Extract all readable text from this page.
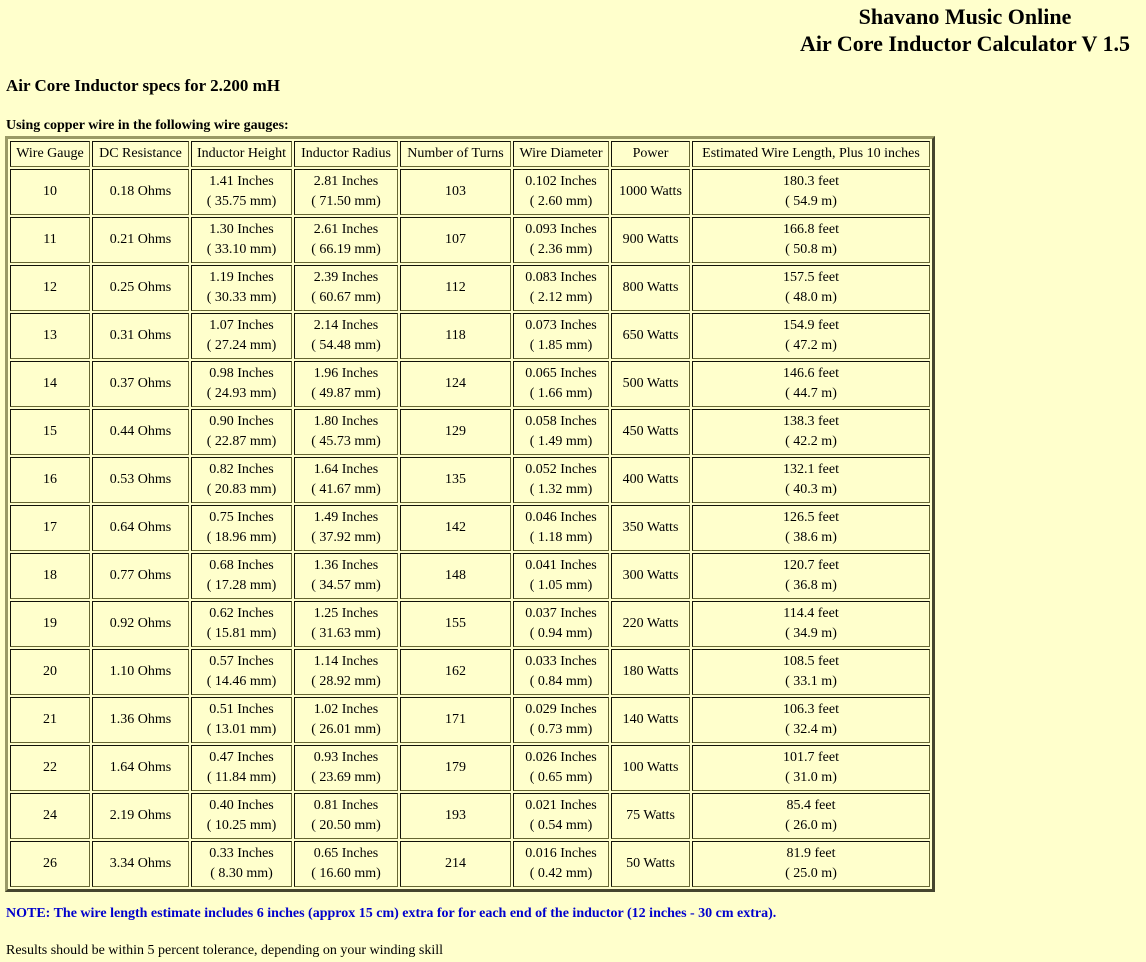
Shavano Music Online
Air Core Inductor Calculator V 1.5
Air Core Inductor specs for 2.200 mH
Using copper wire in the following wire gauges:
Wire Gauge	DC Resistance	Inductor Height	Inductor Radius	Number of Turns	Wire Diameter	Power	Estimated Wire Length, Plus 10 inches

10	0.18 Ohms	1.41 Inches
( 35.75 mm)	2.81 Inches
( 71.50 mm)	103	0.102 Inches
( 2.60 mm)	1000 Watts	180.3 feet
( 54.9 m)

11	0.21 Ohms	1.30 Inches
( 33.10 mm)	2.61 Inches
( 66.19 mm)	107	0.093 Inches
( 2.36 mm)	900 Watts	166.8 feet
( 50.8 m)

12	0.25 Ohms	1.19 Inches
( 30.33 mm)	2.39 Inches
( 60.67 mm)	112	0.083 Inches
( 2.12 mm)	800 Watts	157.5 feet
( 48.0 m)

13	0.31 Ohms	1.07 Inches
( 27.24 mm)	2.14 Inches
( 54.48 mm)	118	0.073 Inches
( 1.85 mm)	650 Watts	154.9 feet
( 47.2 m)

14	0.37 Ohms	0.98 Inches
( 24.93 mm)	1.96 Inches
( 49.87 mm)	124	0.065 Inches
( 1.66 mm)	500 Watts	146.6 feet
( 44.7 m)

15	0.44 Ohms	0.90 Inches
( 22.87 mm)	1.80 Inches
( 45.73 mm)	129	0.058 Inches
( 1.49 mm)	450 Watts	138.3 feet
( 42.2 m)

16	0.53 Ohms	0.82 Inches
( 20.83 mm)	1.64 Inches
( 41.67 mm)	135	0.052 Inches
( 1.32 mm)	400 Watts	132.1 feet
( 40.3 m)

17	0.64 Ohms	0.75 Inches
( 18.96 mm)	1.49 Inches
( 37.92 mm)	142	0.046 Inches
( 1.18 mm)	350 Watts	126.5 feet
( 38.6 m)

18	0.77 Ohms	0.68 Inches
( 17.28 mm)	1.36 Inches
( 34.57 mm)	148	0.041 Inches
( 1.05 mm)	300 Watts	120.7 feet
( 36.8 m)

19	0.92 Ohms	0.62 Inches
( 15.81 mm)	1.25 Inches
( 31.63 mm)	155	0.037 Inches
( 0.94 mm)	220 Watts	114.4 feet
( 34.9 m)

20	1.10 Ohms	0.57 Inches
( 14.46 mm)	1.14 Inches
( 28.92 mm)	162	0.033 Inches
( 0.84 mm)	180 Watts	108.5 feet
( 33.1 m)

21	1.36 Ohms	0.51 Inches
( 13.01 mm)	1.02 Inches
( 26.01 mm)	171	0.029 Inches
( 0.73 mm)	140 Watts	106.3 feet
( 32.4 m)

22	1.64 Ohms	0.47 Inches
( 11.84 mm)	0.93 Inches
( 23.69 mm)	179	0.026 Inches
( 0.65 mm)	100 Watts	101.7 feet
( 31.0 m)

24	2.19 Ohms	0.40 Inches
( 10.25 mm)	0.81 Inches
( 20.50 mm)	193	0.021 Inches
( 0.54 mm)	75 Watts	85.4 feet
( 26.0 m)

26	3.34 Ohms	0.33 Inches
( 8.30 mm)	0.65 Inches
( 16.60 mm)	214	0.016 Inches
( 0.42 mm)	50 Watts	81.9 feet
( 25.0 m)
NOTE: The wire length estimate includes 6 inches (approx 15 cm) extra for for each end of the inductor (12 inches - 30 cm extra).
Results should be within 5 percent tolerance, depending on your winding skill
